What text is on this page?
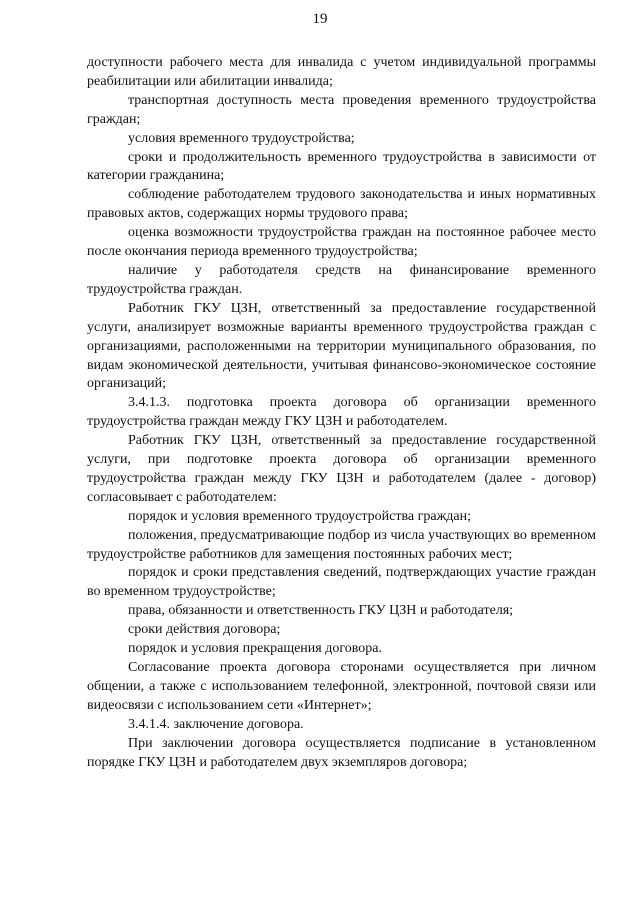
19

доступности рабочего места для инвалида с учетом индивидуальной программы реабилитации или абилитации инвалида;

транспортная доступность места проведения временного трудоустройства граждан;

условия временного трудоустройства;

сроки и продолжительность временного трудоустройства в зависимости от категории гражданина;

соблюдение работодателем трудового законодательства и иных нормативных правовых актов, содержащих нормы трудового права;

оценка возможности трудоустройства граждан на постоянное рабочее место после окончания периода временного трудоустройства;

наличие у работодателя средств на финансирование временного трудоустройства граждан.

Работник ГКУ ЦЗН, ответственный за предоставление государственной услуги, анализирует возможные варианты временного трудоустройства граждан с организациями, расположенными на территории муниципального образования, по видам экономической деятельности, учитывая финансово-экономическое состояние организаций;

3.4.1.3. подготовка проекта договора об организации временного трудоустройства граждан между ГКУ ЦЗН и работодателем.

Работник ГКУ ЦЗН, ответственный за предоставление государственной услуги, при подготовке проекта договора об организации временного трудоустройства граждан между ГКУ ЦЗН и работодателем (далее - договор) согласовывает с работодателем:

порядок и условия временного трудоустройства граждан;

положения, предусматривающие подбор из числа участвующих во временном трудоустройстве работников для замещения постоянных рабочих мест;

порядок и сроки представления сведений, подтверждающих участие граждан во временном трудоустройстве;

права, обязанности и ответственность ГКУ ЦЗН и работодателя;

сроки действия договора;

порядок и условия прекращения договора.

Согласование проекта договора сторонами осуществляется при личном общении, а также с использованием телефонной, электронной, почтовой связи или видеосвязи с использованием сети «Интернет»;

3.4.1.4. заключение договора.

При заключении договора осуществляется подписание в установленном порядке ГКУ ЦЗН и работодателем двух экземпляров договора;
